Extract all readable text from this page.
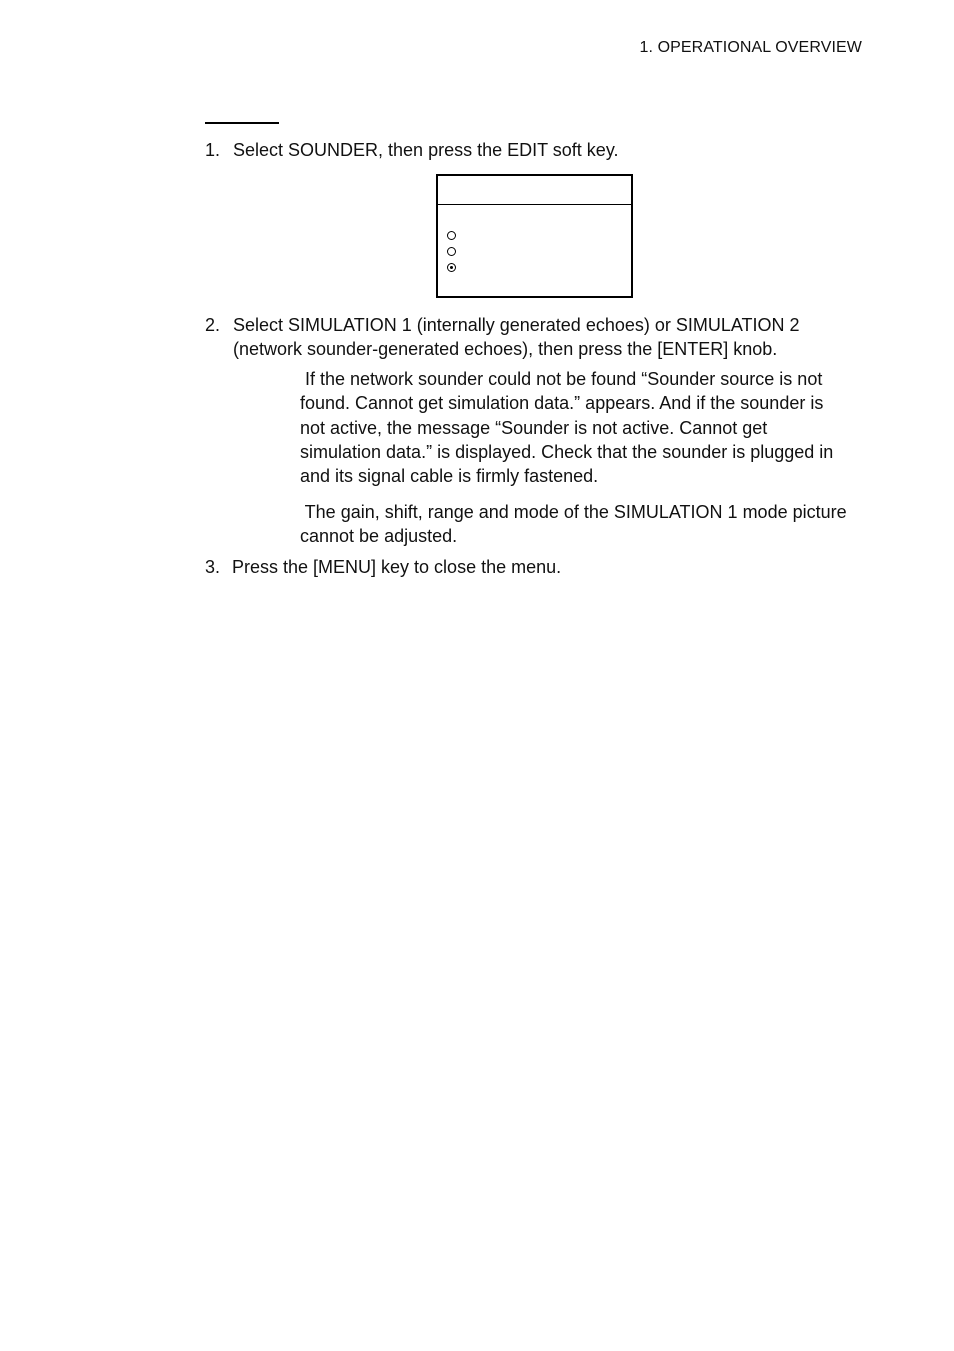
1. OPERATIONAL OVERVIEW
1. Select SOUNDER, then press the EDIT soft key.
2. Select SIMULATION 1 (internally generated echoes) or SIMULATION 2
(network sounder-generated echoes), then press the [ENTER] knob.
If the network sounder could not be found “Sounder source is not
found. Cannot get simulation data.” appears. And if the sounder is
not active, the message “Sounder is not active. Cannot get
simulation data.” is displayed. Check that the sounder is plugged in
and its signal cable is firmly fastened.
The gain, shift, range and mode of the SIMULATION 1 mode picture
cannot be adjusted.
3. Press the [MENU] key to close the menu.
